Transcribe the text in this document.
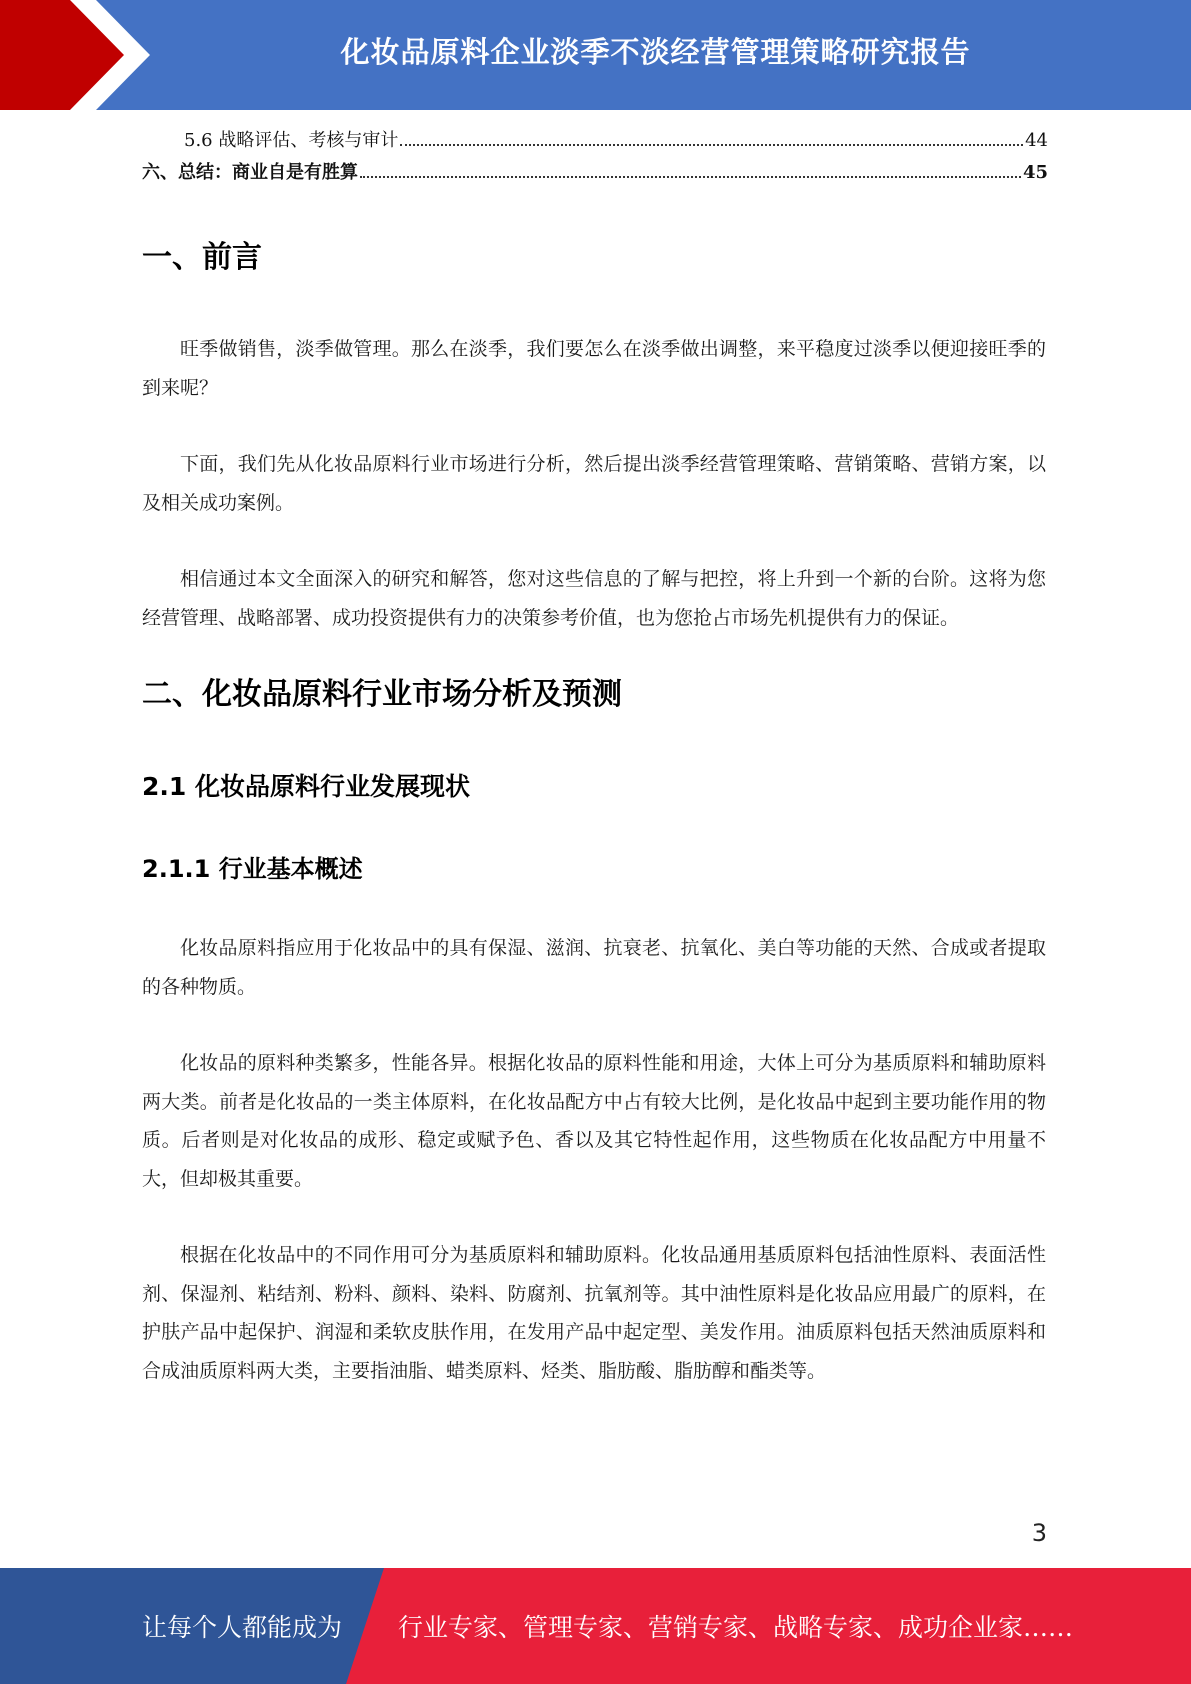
化妆品原料企业淡季不淡经营管理策略研究报告
5.6 战略评估、考核与审计	44
六、总结：商业自是有胜算	45
一、前言

旺季做销售，淡季做管理。那么在淡季，我们要怎么在淡季做出调整，来平稳度过淡季以便迎接旺季的到来呢？

下面，我们先从化妆品原料行业市场进行分析，然后提出淡季经营管理策略、营销策略、营销方案，以及相关成功案例。

相信通过本文全面深入的研究和解答，您对这些信息的了解与把控，将上升到一个新的台阶。这将为您经营管理、战略部署、成功投资提供有力的决策参考价值，也为您抢占市场先机提供有力的保证。

二、化妆品原料行业市场分析及预测
2.1 化妆品原料行业发展现状
2.1.1 行业基本概述

化妆品原料指应用于化妆品中的具有保湿、滋润、抗衰老、抗氧化、美白等功能的天然、合成或者提取的各种物质。

化妆品的原料种类繁多，性能各异。根据化妆品的原料性能和用途，大体上可分为基质原料和辅助原料两大类。前者是化妆品的一类主体原料，在化妆品配方中占有较大比例，是化妆品中起到主要功能作用的物质。后者则是对化妆品的成形、稳定或赋予色、香以及其它特性起作用，这些物质在化妆品配方中用量不大，但却极其重要。

根据在化妆品中的不同作用可分为基质原料和辅助原料。化妆品通用基质原料包括油性原料、表面活性剂、保湿剂、粘结剂、粉料、颜料、染料、防腐剂、抗氧剂等。其中油性原料是化妆品应用最广的原料，在护肤产品中起保护、润湿和柔软皮肤作用，在发用产品中起定型、美发作用。油质原料包括天然油质原料和合成油质原料两大类，主要指油脂、蜡类原料、烃类、脂肪酸、脂肪醇和酯类等。

3
让每个人都能成为 行业专家、管理专家、营销专家、战略专家、成功企业家……
